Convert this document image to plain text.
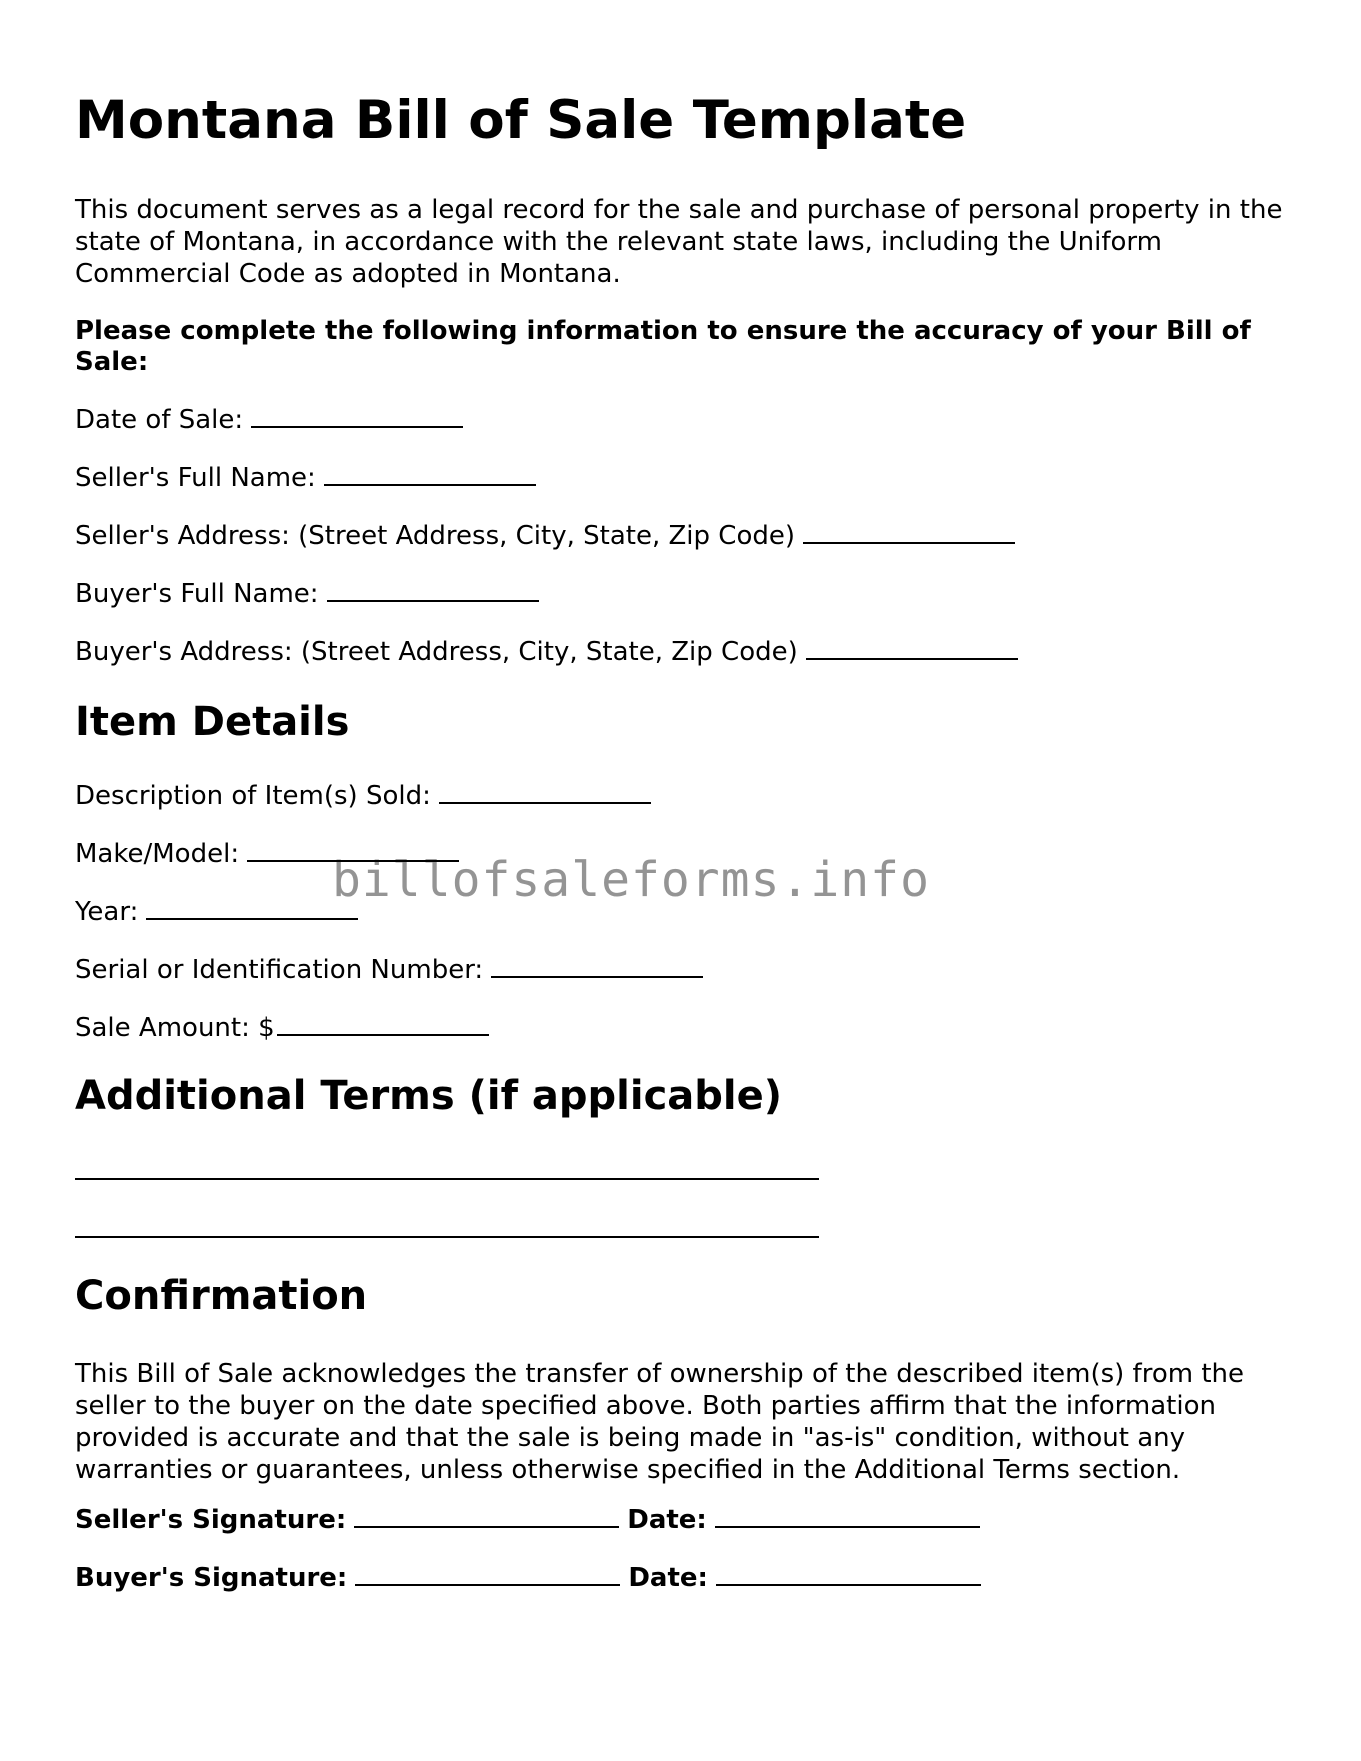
Montana Bill of Sale Template

This document serves as a legal record for the sale and purchase of personal property in the state of Montana, in accordance with the relevant state laws, including the Uniform Commercial Code as adopted in Montana.

Please complete the following information to ensure the accuracy of your Bill of Sale:

Date of Sale:

Seller's Full Name:

Seller's Address: (Street Address, City, State, Zip Code)

Buyer's Full Name:

Buyer's Address: (Street Address, City, State, Zip Code)

Item Details

Description of Item(s) Sold:

Make/Model:

Year:

Serial or Identification Number:

Sale Amount: $

Additional Terms (if applicable)
Confirmation

This Bill of Sale acknowledges the transfer of ownership of the described item(s) from the seller to the buyer on the date specified above. Both parties affirm that the information provided is accurate and that the sale is being made in "as-is" condition, without any warranties or guarantees, unless otherwise specified in the Additional Terms section.

Seller's Signature:	Date:

Buyer's Signature:	Date:

billofsaleforms.info
